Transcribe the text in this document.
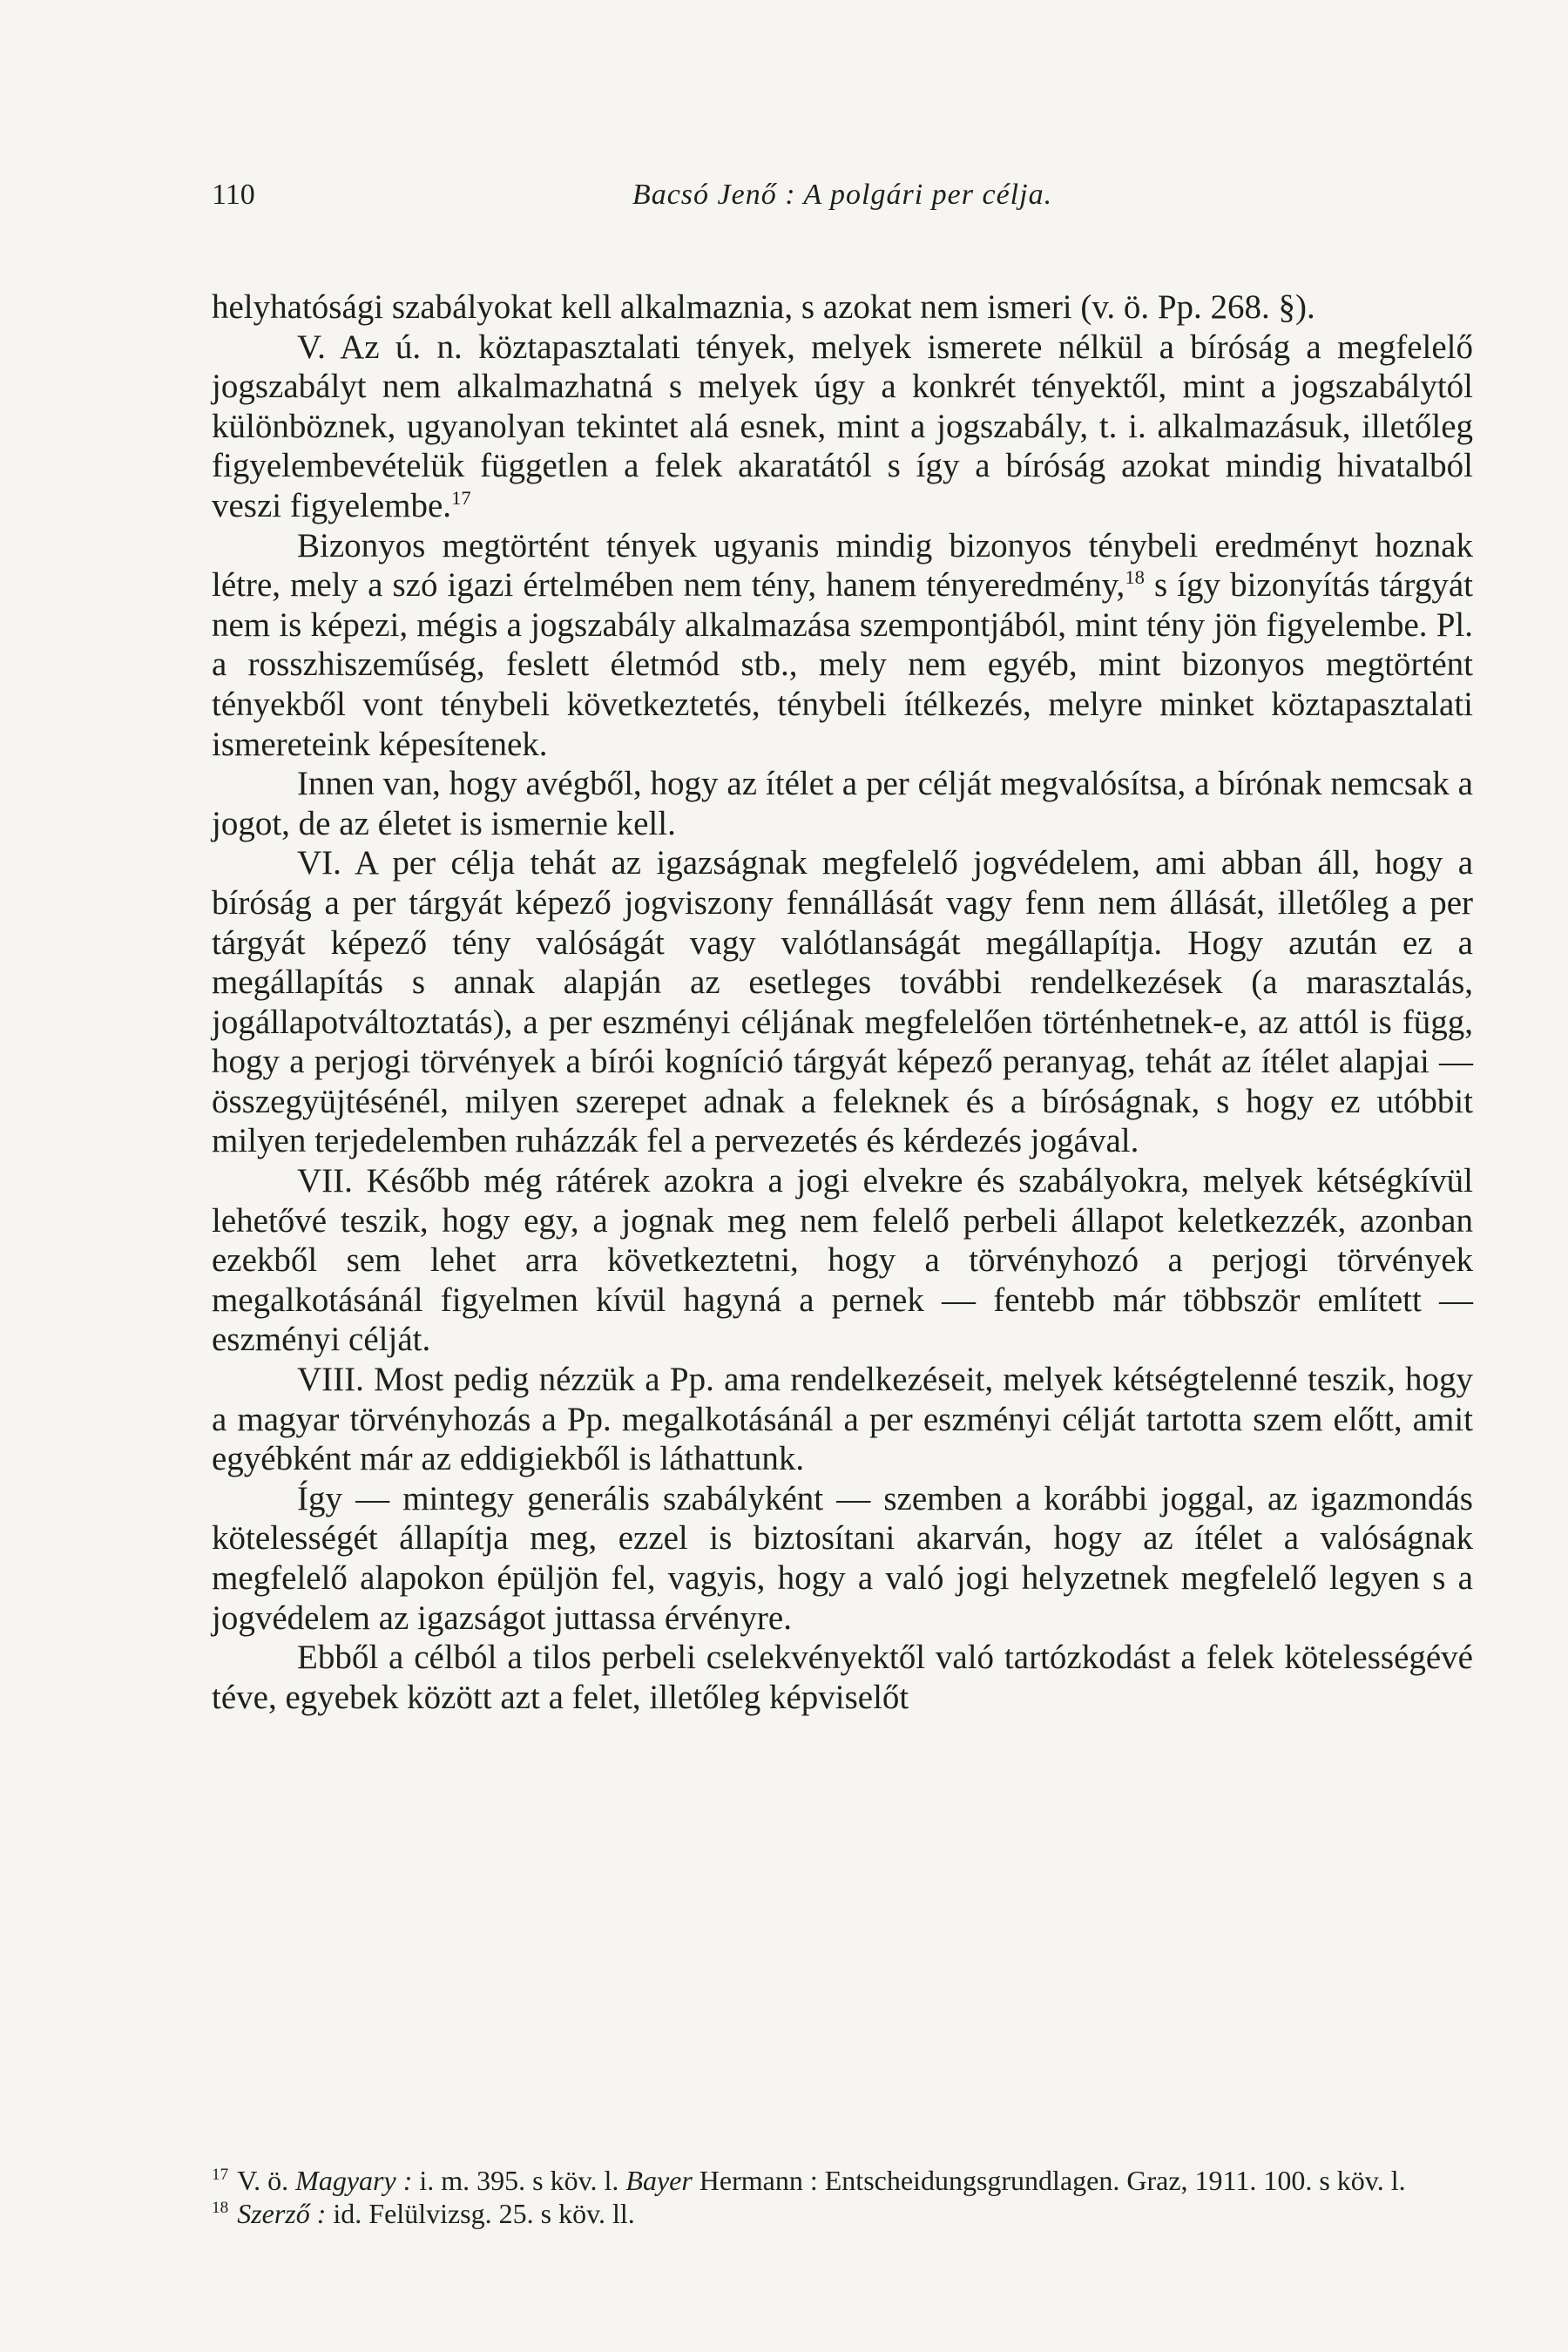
110	Bacsó Jenő : A polgári per célja.

helyhatósági szabályokat kell alkalmaznia, s azokat nem ismeri (v. ö. Pp. 268. §).

V. Az ú. n. köztapasztalati tények, melyek ismerete nélkül a bíróság a megfelelő jogszabályt nem alkalmazhatná s melyek úgy a konkrét tényektől, mint a jogszabálytól különböznek, ugyanolyan tekintet alá esnek, mint a jogszabály, t. i. alkalmazásuk, illetőleg figyelembevételük független a felek akaratától s így a bíróság azokat mindig hivatalból veszi figyelembe.$^{17}$

Bizonyos megtörtént tények ugyanis mindig bizonyos ténybeli eredményt hoznak létre, mely a szó igazi értelmében nem tény, hanem tényeredmény,$^{18}$ s így bizonyítás tárgyát nem is képezi, mégis a jogszabály alkalmazása szempontjából, mint tény jön figyelembe. Pl. a rosszhiszeműség, feslett életmód stb., mely nem egyéb, mint bizonyos megtörtént tényekből vont ténybeli következtetés, ténybeli ítélkezés, melyre minket köztapasztalati ismereteink képesítenek.

Innen van, hogy avégből, hogy az ítélet a per célját megvalósítsa, a bírónak nemcsak a jogot, de az életet is ismernie kell.

VI. A per célja tehát az igazságnak megfelelő jogvédelem, ami abban áll, hogy a bíróság a per tárgyát képező jogviszony fennállását vagy fenn nem állását, illetőleg a per tárgyát képező tény valóságát vagy valótlanságát megállapítja. Hogy azután ez a megállapítás s annak alapján az esetleges további rendelkezések (a marasztalás, jogállapotváltoztatás), a per eszményi céljának megfelelően történhetnek-e, az attól is függ, hogy a perjogi törvények a bírói kogníció tárgyát képező peranyag, tehát az ítélet alapjai — összegyüjtésénél, milyen szerepet adnak a feleknek és a bíróságnak, s hogy ez utóbbit milyen terjedelemben ruházzák fel a pervezetés és kérdezés jogával.

VII. Később még rátérek azokra a jogi elvekre és szabályokra, melyek kétségkívül lehetővé teszik, hogy egy, a jognak meg nem felelő perbeli állapot keletkezzék, azonban ezekből sem lehet arra következtetni, hogy a törvényhozó a perjogi törvények megalkotásánál figyelmen kívül hagyná a pernek — fentebb már többször említett — eszményi célját.

VIII. Most pedig nézzük a Pp. ama rendelkezéseit, melyek kétségtelenné teszik, hogy a magyar törvényhozás a Pp. megalkotásánál a per eszményi célját tartotta szem előtt, amit egyébként már az eddigiekből is láthattunk.

Így — mintegy generális szabályként — szemben a korábbi joggal, az igazmondás kötelességét állapítja meg, ezzel is biztosítani akarván, hogy az ítélet a valóságnak megfelelő alapokon épüljön fel, vagyis, hogy a való jogi helyzetnek megfelelő legyen s a jogvédelem az igazságot juttassa érvényre.

Ebből a célból a tilos perbeli cselekvényektől való tartózkodást a felek kötelességévé téve, egyebek között azt a felet, illetőleg képviselőt

$^{17}$ V. ö. Magyary : i. m. 395. s köv. l. Bayer Hermann : Entscheidungsgrundlagen. Graz, 1911. 100. s köv. l.

$^{18}$ Szerző : id. Felülvizsg. 25. s köv. ll.
